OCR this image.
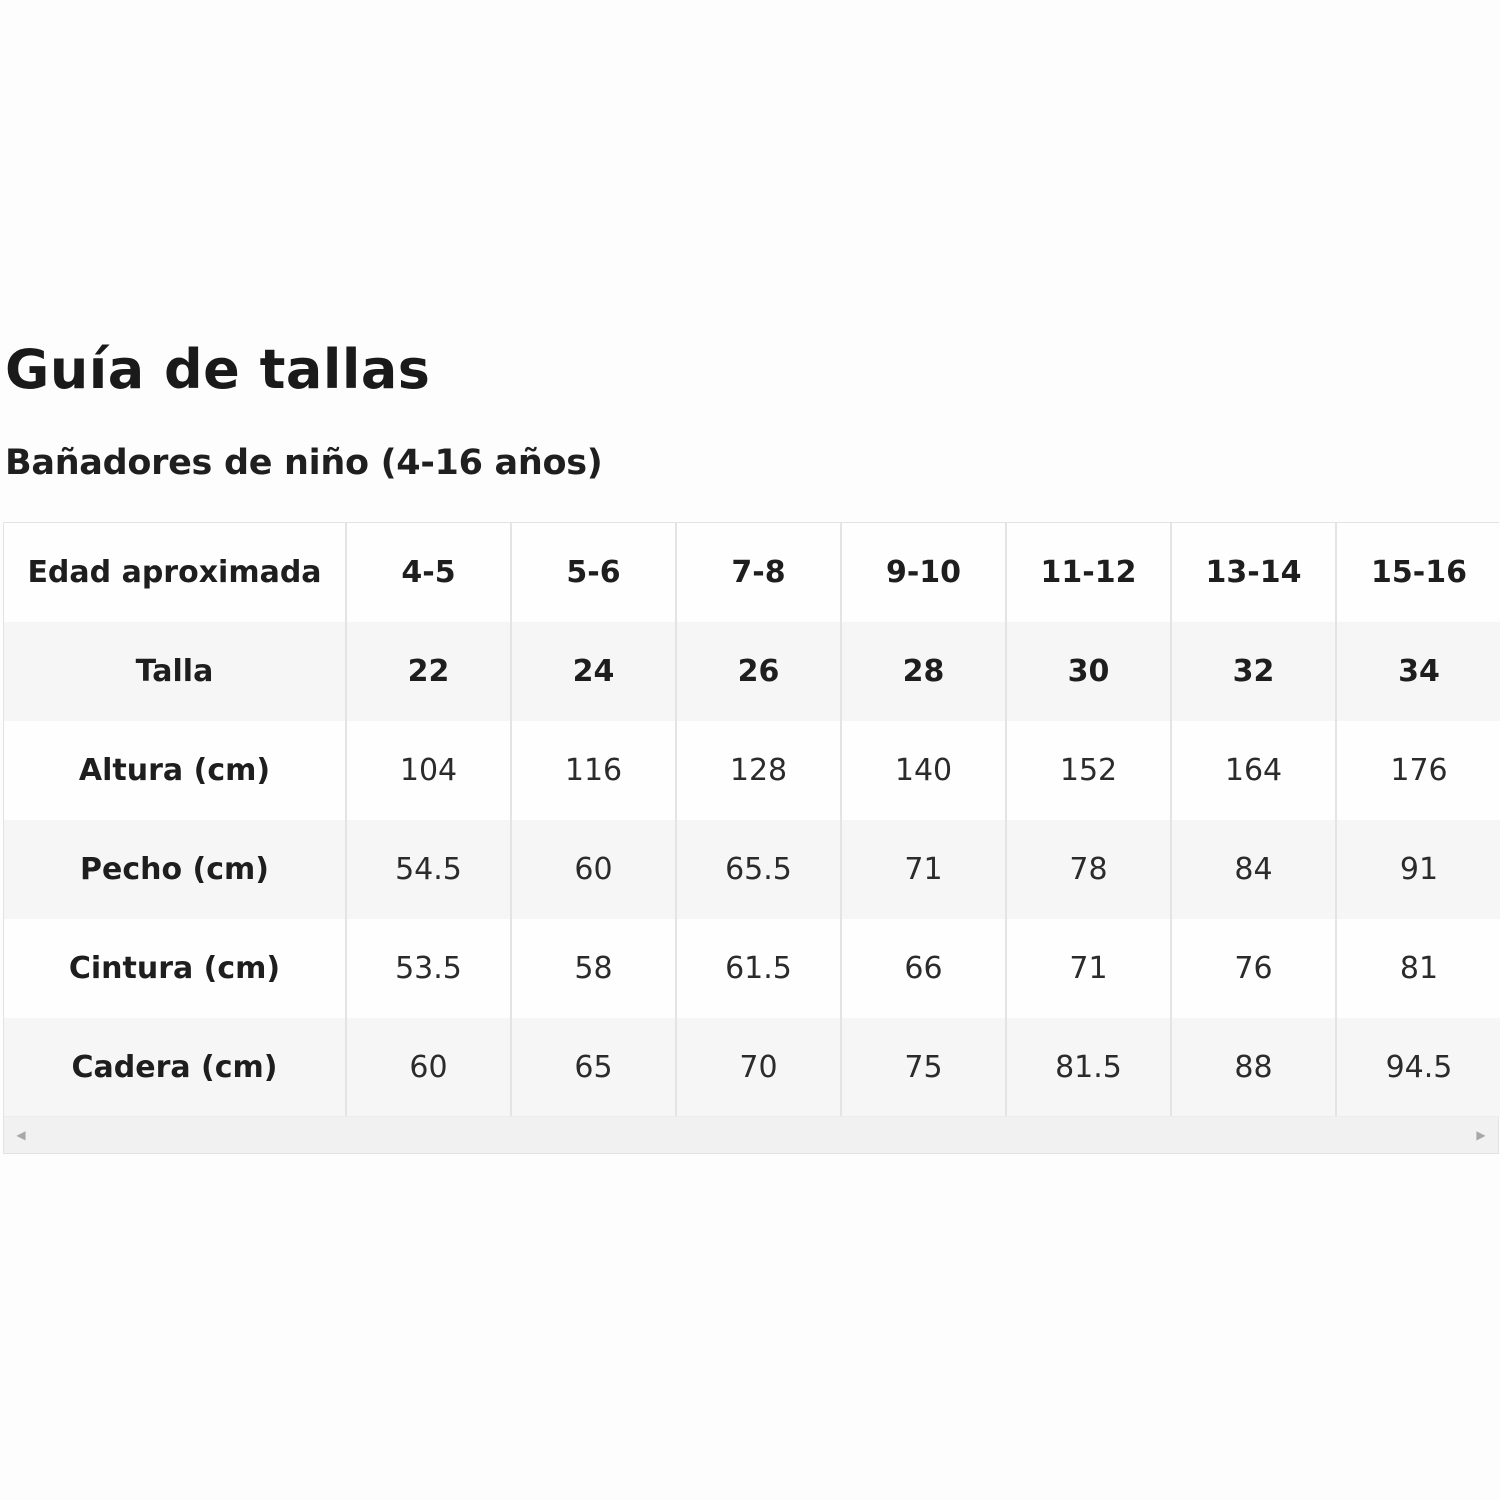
Guía de tallas
Bañadores de niño (4-16 años)
Edad aproximada	4-5	5-6	7-8	9-10	11-12	13-14	15-16
Talla	22	24	26	28	30	32	34
Altura (cm)	104	116	128	140	152	164	176
Pecho (cm)	54.5	60	65.5	71	78	84	91
Cintura (cm)	53.5	58	61.5	66	71	76	81
Cadera (cm)	60	65	70	75	81.5	88	94.5
◀	▶
